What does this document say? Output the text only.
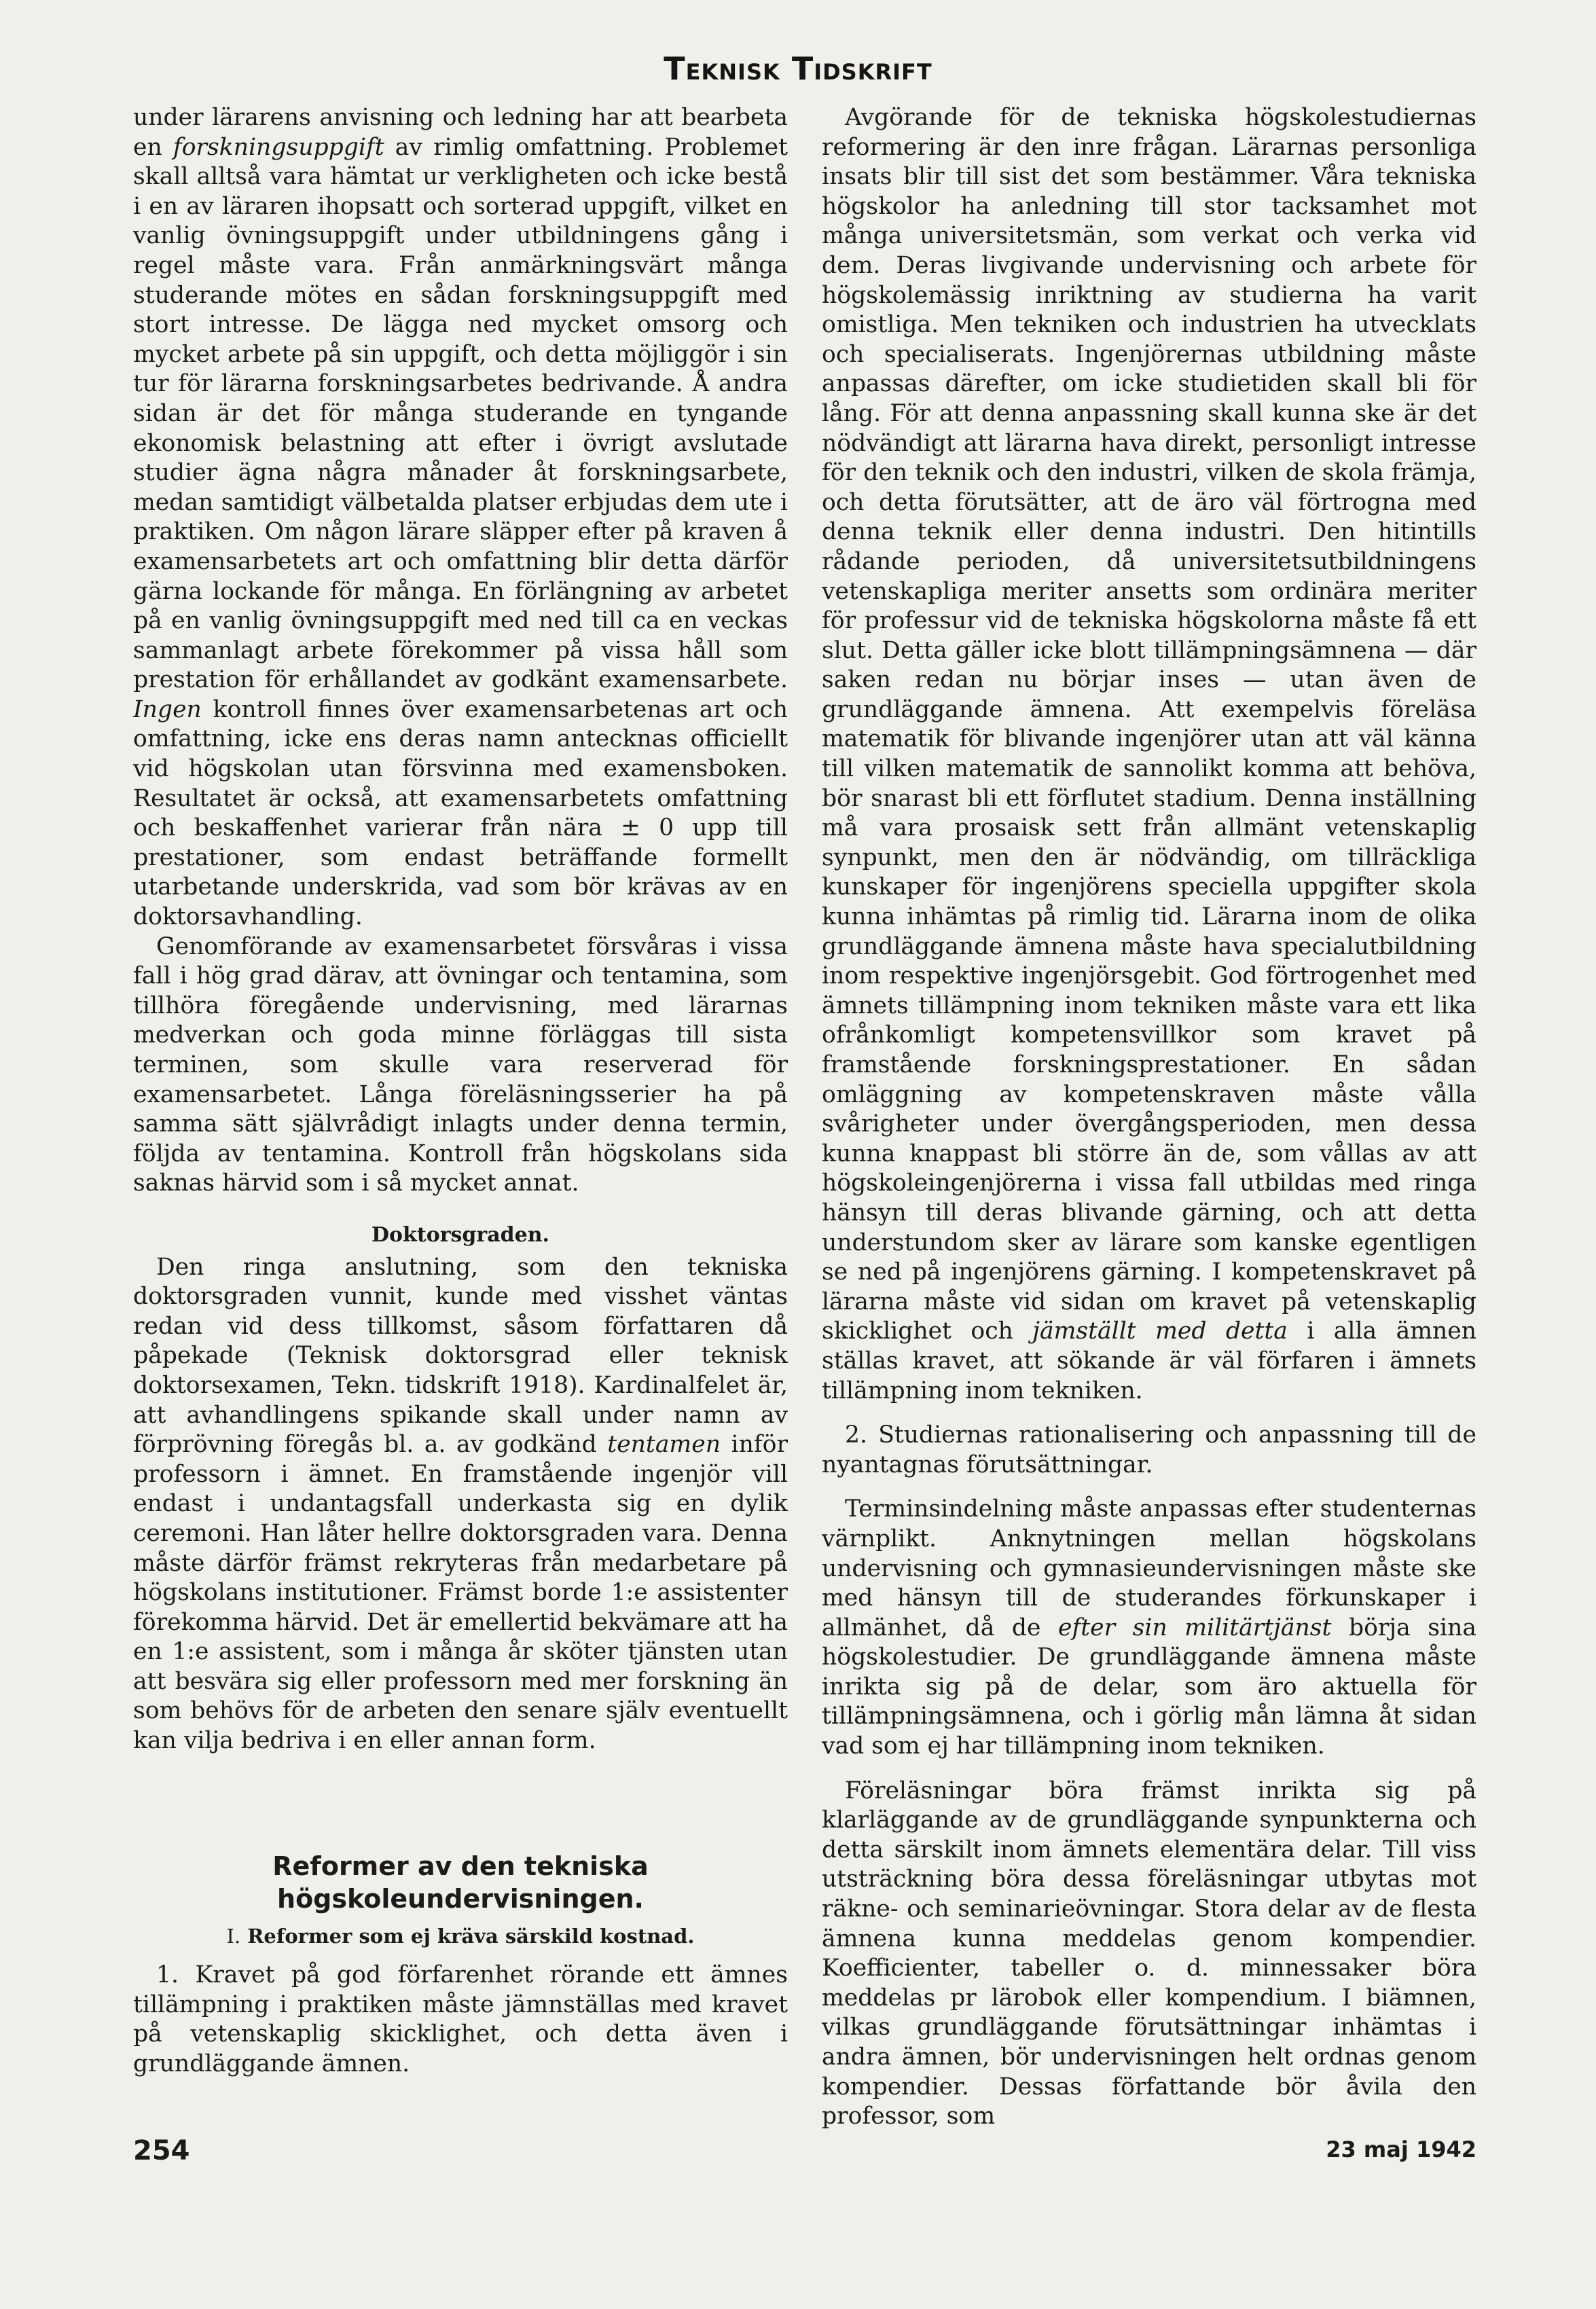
Teknisk Tidskrift

under lärarens anvisning och ledning har att bearbeta en forskningsuppgift av rimlig omfattning. Problemet skall alltså vara hämtat ur verkligheten och icke bestå i en av läraren ihopsatt och sorterad uppgift, vilket en vanlig övningsuppgift under utbildningens gång i regel måste vara. Från anmärkningsvärt många studerande mötes en sådan forskningsuppgift med stort intresse. De lägga ned mycket omsorg och mycket arbete på sin uppgift, och detta möjliggör i sin tur för lärarna forskningsarbetes bedrivande. Å andra sidan är det för många studerande en tyngande ekonomisk belastning att efter i övrigt avslutade studier ägna några månader åt forskningsarbete, medan samtidigt välbetalda platser erbjudas dem ute i praktiken. Om någon lärare släpper efter på kraven å examensarbetets art och omfattning blir detta därför gärna lockande för många. En förlängning av arbetet på en vanlig övningsuppgift med ned till ca en veckas sammanlagt arbete förekommer på vissa håll som prestation för erhållandet av godkänt examensarbete. Ingen kontroll finnes över examensarbetenas art och omfattning, icke ens deras namn antecknas officiellt vid högskolan utan försvinna med examensboken. Resultatet är också, att examensarbetets omfattning och beskaffenhet varierar från nära ± 0 upp till prestationer, som endast beträffande formellt utarbetande underskrida, vad som bör krävas av en doktorsavhandling.

Genomförande av examensarbetet försvåras i vissa fall i hög grad därav, att övningar och tentamina, som tillhöra föregående undervisning, med lärarnas medverkan och goda minne förläggas till sista terminen, som skulle vara reserverad för examensarbetet. Långa föreläsningsserier ha på samma sätt självrådigt inlagts under denna termin, följda av tentamina. Kontroll från högskolans sida saknas härvid som i så mycket annat.

Doktorsgraden.

Den ringa anslutning, som den tekniska doktorsgraden vunnit, kunde med visshet väntas redan vid dess tillkomst, såsom författaren då påpekade (Teknisk doktorsgrad eller teknisk doktorsexamen, Tekn. tidskrift 1918). Kardinalfelet är, att avhandlingens spikande skall under namn av förprövning föregås bl. a. av godkänd tentamen inför professorn i ämnet. En framstående ingenjör vill endast i undantagsfall underkasta sig en dylik ceremoni. Han låter hellre doktorsgraden vara. Denna måste därför främst rekryteras från medarbetare på högskolans institutioner. Främst borde 1:e assistenter förekomma härvid. Det är emellertid bekvämare att ha en 1:e assistent, som i många år sköter tjänsten utan att besvära sig eller professorn med mer forskning än som behövs för de arbeten den senare själv eventuellt kan vilja bedriva i en eller annan form.

Reformer av den tekniska högskoleundervisningen.
I. Reformer som ej kräva särskild kostnad.

1. Kravet på god förfarenhet rörande ett ämnes tillämpning i praktiken måste jämnställas med kravet på vetenskaplig skicklighet, och detta även i grundläggande ämnen.

Avgörande för de tekniska högskolestudiernas reformering är den inre frågan. Lärarnas personliga insats blir till sist det som bestämmer. Våra tekniska högskolor ha anledning till stor tacksamhet mot många universitetsmän, som verkat och verka vid dem. Deras livgivande undervisning och arbete för högskolemässig inriktning av studierna ha varit omistliga. Men tekniken och industrien ha utvecklats och specialiserats. Ingenjörernas utbildning måste anpassas därefter, om icke studietiden skall bli för lång. För att denna anpassning skall kunna ske är det nödvändigt att lärarna hava direkt, personligt intresse för den teknik och den industri, vilken de skola främja, och detta förutsätter, att de äro väl förtrogna med denna teknik eller denna industri. Den hitintills rådande perioden, då universitetsutbildningens vetenskapliga meriter ansetts som ordinära meriter för professur vid de tekniska högskolorna måste få ett slut. Detta gäller icke blott tillämpningsämnena — där saken redan nu börjar inses — utan även de grundläggande ämnena. Att exempelvis föreläsa matematik för blivande ingenjörer utan att väl känna till vilken matematik de sannolikt komma att behöva, bör snarast bli ett förflutet stadium. Denna inställning må vara prosaisk sett från allmänt vetenskaplig synpunkt, men den är nödvändig, om tillräckliga kunskaper för ingenjörens speciella uppgifter skola kunna inhämtas på rimlig tid. Lärarna inom de olika grundläggande ämnena måste hava specialutbildning inom respektive ingenjörsgebit. God förtrogenhet med ämnets tillämpning inom tekniken måste vara ett lika ofrånkomligt kompetensvillkor som kravet på framstående forskningsprestationer. En sådan omläggning av kompetenskraven måste vålla svårigheter under övergångsperioden, men dessa kunna knappast bli större än de, som vållas av att högskoleingenjörerna i vissa fall utbildas med ringa hänsyn till deras blivande gärning, och att detta understundom sker av lärare som kanske egentligen se ned på ingenjörens gärning. I kompetenskravet på lärarna måste vid sidan om kravet på vetenskaplig skicklighet och jämställt med detta i alla ämnen ställas kravet, att sökande är väl förfaren i ämnets tillämpning inom tekniken.

2. Studiernas rationalisering och anpassning till de nyantagnas förutsättningar.

Terminsindelning måste anpassas efter studenternas värnplikt. Anknytningen mellan högskolans undervisning och gymnasieundervisningen måste ske med hänsyn till de studerandes förkunskaper i allmänhet, då de efter sin militärtjänst börja sina högskolestudier. De grundläggande ämnena måste inrikta sig på de delar, som äro aktuella för tillämpningsämnena, och i görlig mån lämna åt sidan vad som ej har tillämpning inom tekniken.

Föreläsningar böra främst inrikta sig på klarläggande av de grundläggande synpunkterna och detta särskilt inom ämnets elementära delar. Till viss utsträckning böra dessa föreläsningar utbytas mot räkne- och seminarieövningar. Stora delar av de flesta ämnena kunna meddelas genom kompendier. Koefficienter, tabeller o. d. minnessaker böra meddelas pr lärobok eller kompendium. I biämnen, vilkas grundläggande förutsättningar inhämtas i andra ämnen, bör undervisningen helt ordnas genom kompendier. Dessas författande bör åvila den professor, som

254	23 maj 1942
